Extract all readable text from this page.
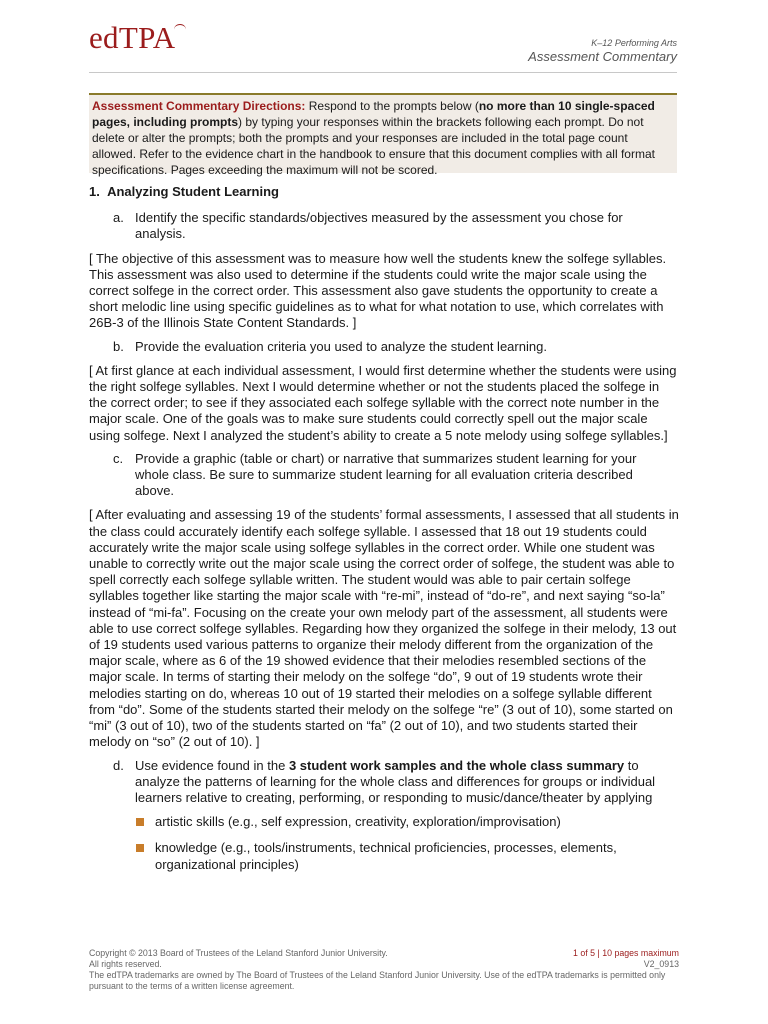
edTPA	K–12 Performing Arts
Assessment Commentary
Assessment Commentary Directions: Respond to the prompts below (no more than 10 single-spaced pages, including prompts) by typing your responses within the brackets following each prompt. Do not delete or alter the prompts; both the prompts and your responses are included in the total page count allowed. Refer to the evidence chart in the handbook to ensure that this document complies with all format specifications. Pages exceeding the maximum will not be scored.
1.  Analyzing Student Learning
a. Identify the specific standards/objectives measured by the assessment you chose for analysis.
[ The objective of this assessment was to measure how well the students knew the solfege syllables. This assessment was also used to determine if the students could write the major scale using the correct solfege in the correct order. This assessment also gave students the opportunity to create a short melodic line using specific guidelines as to what for what notation to use, which correlates with 26B-3 of the Illinois State Content Standards. ]
b. Provide the evaluation criteria you used to analyze the student learning.
[ At first glance at each individual assessment, I would first determine whether the students were using the right solfege syllables. Next I would determine whether or not the students placed the solfege in the correct order; to see if they associated each solfege syllable with the correct note number in the major scale. One of the goals was to make sure students could correctly spell out the major scale using solfege. Next I analyzed the student’s ability to create a 5 note melody using solfege syllables.]
c. Provide a graphic (table or chart) or narrative that summarizes student learning for your whole class. Be sure to summarize student learning for all evaluation criteria described above.
[ After evaluating and assessing 19 of the students’ formal assessments, I assessed that all students in the class could accurately identify each solfege syllable. I assessed that 18 out 19 students could accurately write the major scale using solfege syllables in the correct order. While one student was unable to correctly write out the major scale using the correct order of solfege, the student was able to spell correctly each solfege syllable written. The student would was able to pair certain solfege syllables together like starting the major scale with “re-mi”, instead of “do-re”, and next saying “so-la” instead of “mi-fa”. Focusing on the create your own melody part of the assessment, all students were able to use correct solfege syllables. Regarding how they organized the solfege in their melody, 13 out of 19 students used various patterns to organize their melody different from the organization of the major scale, where as 6 of the 19 showed evidence that their melodies resembled sections of the major scale. In terms of starting their melody on the solfege “do”, 9 out of 19 students wrote their melodies starting on do, whereas 10 out of 19 started their melodies on a solfege syllable different from “do”. Some of the students started their melody on the solfege “re” (3 out of 10), some started on “mi” (3 out of 10), two of the students started on “fa” (2 out of 10), and two students started their melody on “so” (2 out of 10). ]
d. Use evidence found in the 3 student work samples and the whole class summary to analyze the patterns of learning for the whole class and differences for groups or individual learners relative to creating, performing, or responding to music/dance/theater by applying
artistic skills (e.g., self expression, creativity, exploration/improvisation)
knowledge (e.g., tools/instruments, technical proficiencies, processes, elements, organizational principles)
Copyright © 2013 Board of Trustees of the Leland Stanford Junior University.
All rights reserved.
The edTPA trademarks are owned by The Board of Trustees of the Leland Stanford Junior University. Use of the edTPA trademarks is permitted only pursuant to the terms of a written license agreement.
1 of 5 | 10 pages maximum
V2_0913
